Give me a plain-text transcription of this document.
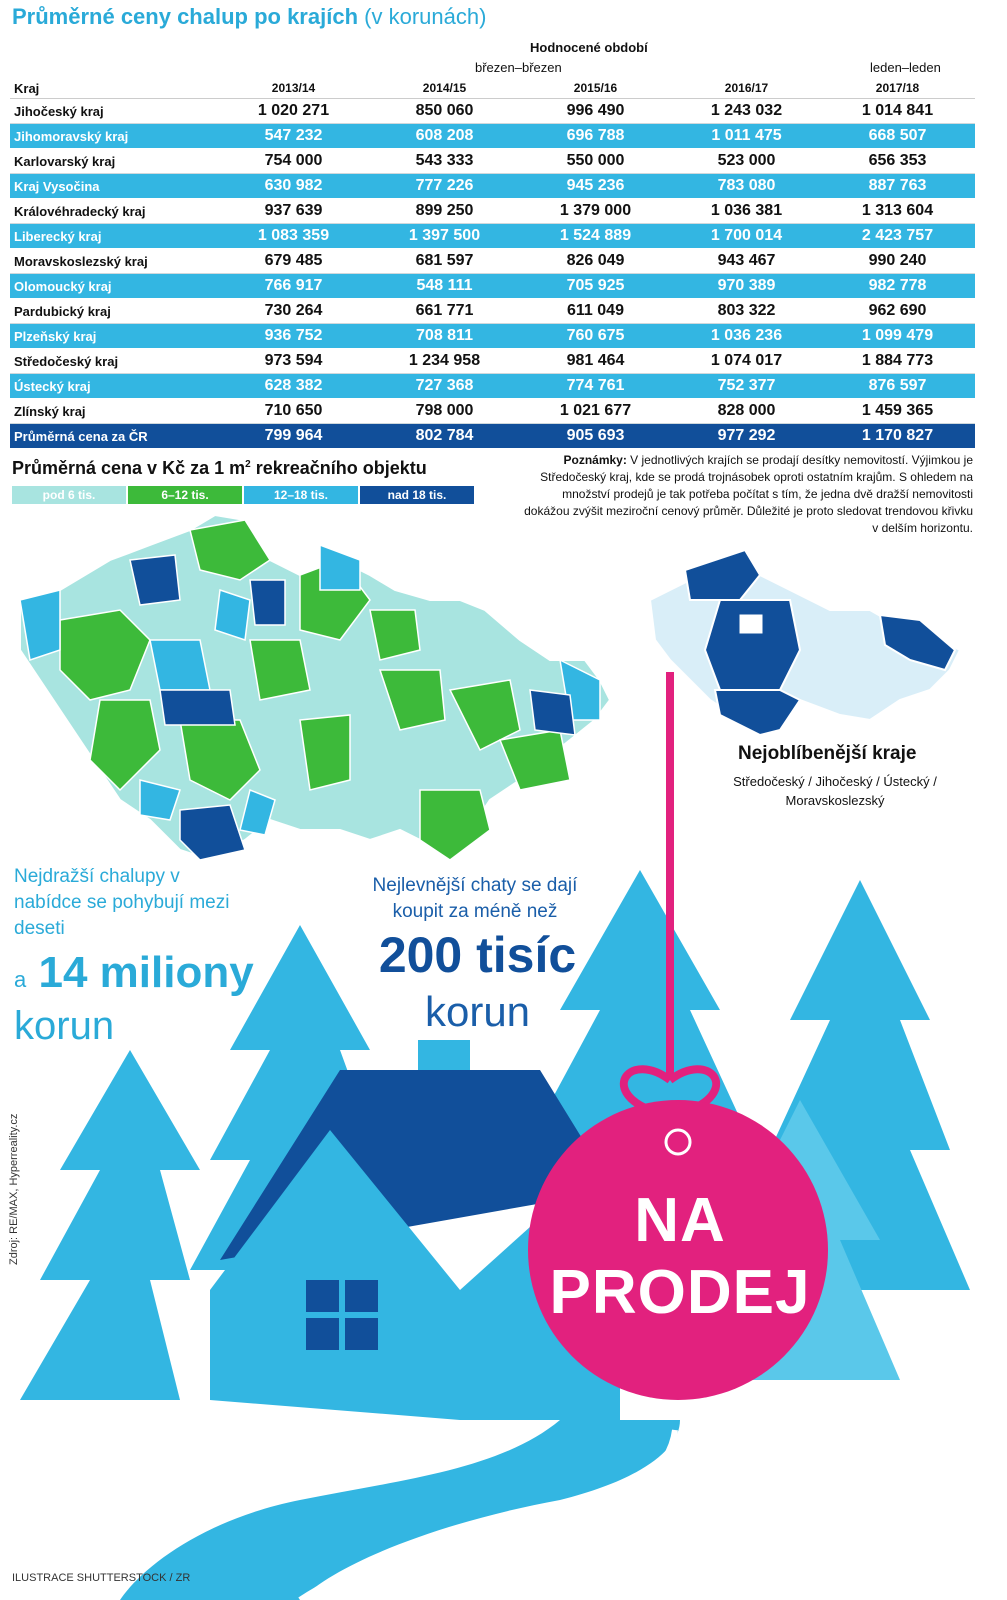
Průměrné ceny chalup po krajích (v korunách)
Hodnocené období
březen–březen	leden–leden
Kraj	2013/14	2014/15	2015/16	2016/17	2017/18
Jihočeský kraj	1 020 271	850 060	996 490	1 243 032	1 014 841
Jihomoravský kraj	547 232	608 208	696 788	1 011 475	668 507
Karlovarský kraj	754 000	543 333	550 000	523 000	656 353
Kraj Vysočina	630 982	777 226	945 236	783 080	887 763
Královéhradecký kraj	937 639	899 250	1 379 000	1 036 381	1 313 604
Liberecký kraj	1 083 359	1 397 500	1 524 889	1 700 014	2 423 757
Moravskoslezský kraj	679 485	681 597	826 049	943 467	990 240
Olomoucký kraj	766 917	548 111	705 925	970 389	982 778
Pardubický kraj	730 264	661 771	611 049	803 322	962 690
Plzeňský kraj	936 752	708 811	760 675	1 036 236	1 099 479
Středočeský kraj	973 594	1 234 958	981 464	1 074 017	1 884 773
Ústecký kraj	628 382	727 368	774 761	752 377	876 597
Zlínský kraj	710 650	798 000	1 021 677	828 000	1 459 365
Průměrná cena za ČR	799 964	802 784	905 693	977 292	1 170 827
Průměrná cena v Kč za 1 $m^2$ rekreačního objektu
pod 6 tis.	6–12 tis.	12–18 tis.	nad 18 tis.
Poznámky: V jednotlivých krajích se prodají desítky nemovitostí. Výjimkou je Středočeský kraj, kde se prodá trojnásobek oproti ostatním krajům. S ohledem na množství prodejů je tak potřeba počítat s tím, že jedna dvě dražší nemovitosti dokážou zvýšit meziroční cenový průměr. Důležité je proto sledovat trendovou křivku v delším horizontu.
Nejoblíbenější kraje
Středočeský / Jihočeský / Ústecký / Moravskoslezský
Nejdražší chalupy v nabídce se pohybují mezi deseti
a 14 miliony
korun
Nejlevnější chaty se dají koupit za méně než
200 tisíc
korun
NA
PRODEJ
Zdroj: RE/MAX, Hyperreality.cz
ILUSTRACE SHUTTERSTOCK / ZR
